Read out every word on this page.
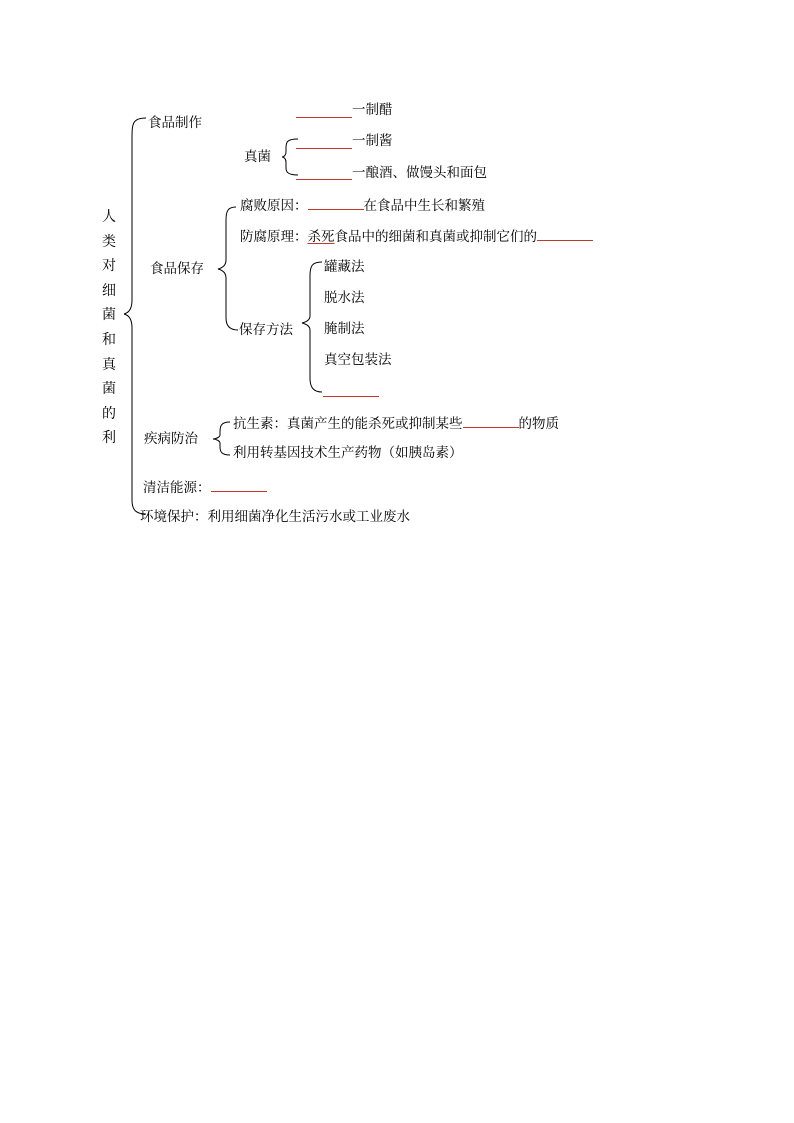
人
类
对
细
菌
和
真
菌
的
利
食品制作
一制醋
真菌
一制酱
一酿酒、做馒头和面包
食品保存
腐败原因：	在食品中生长和繁殖
防腐原理：杀死食品中的细菌和真菌或抑制它们的
保存方法
罐藏法
脱水法
腌制法
真空包装法
疾病防治
抗生素：真菌产生的能杀死或抑制某些	的物质
利用转基因技术生产药物（如胰岛素）
清洁能源：
环境保护：利用细菌净化生活污水或工业废水
